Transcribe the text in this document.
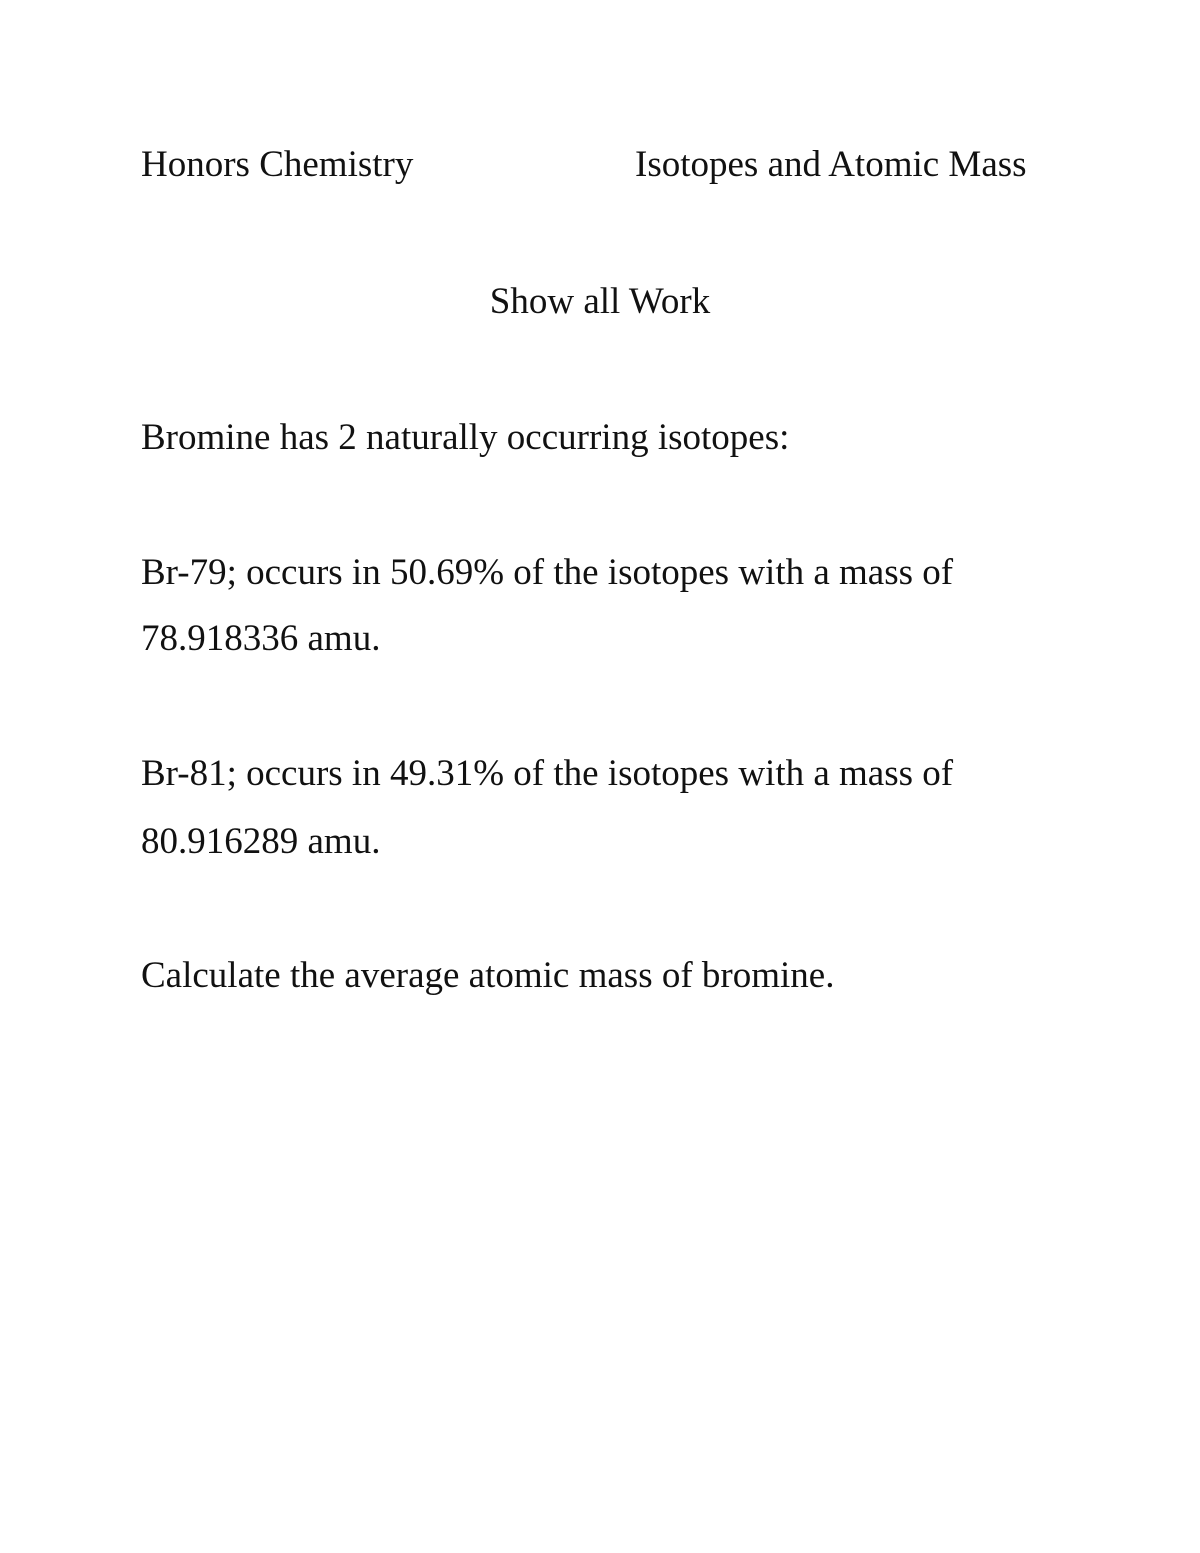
Honors Chemistry	Isotopes and Atomic Mass

Show all Work

Bromine has 2 naturally occurring isotopes:

Br-79; occurs in 50.69% of the isotopes with a mass of

78.918336 amu.

Br-81; occurs in 49.31% of the isotopes with a mass of

80.916289 amu.

Calculate the average atomic mass of bromine.
